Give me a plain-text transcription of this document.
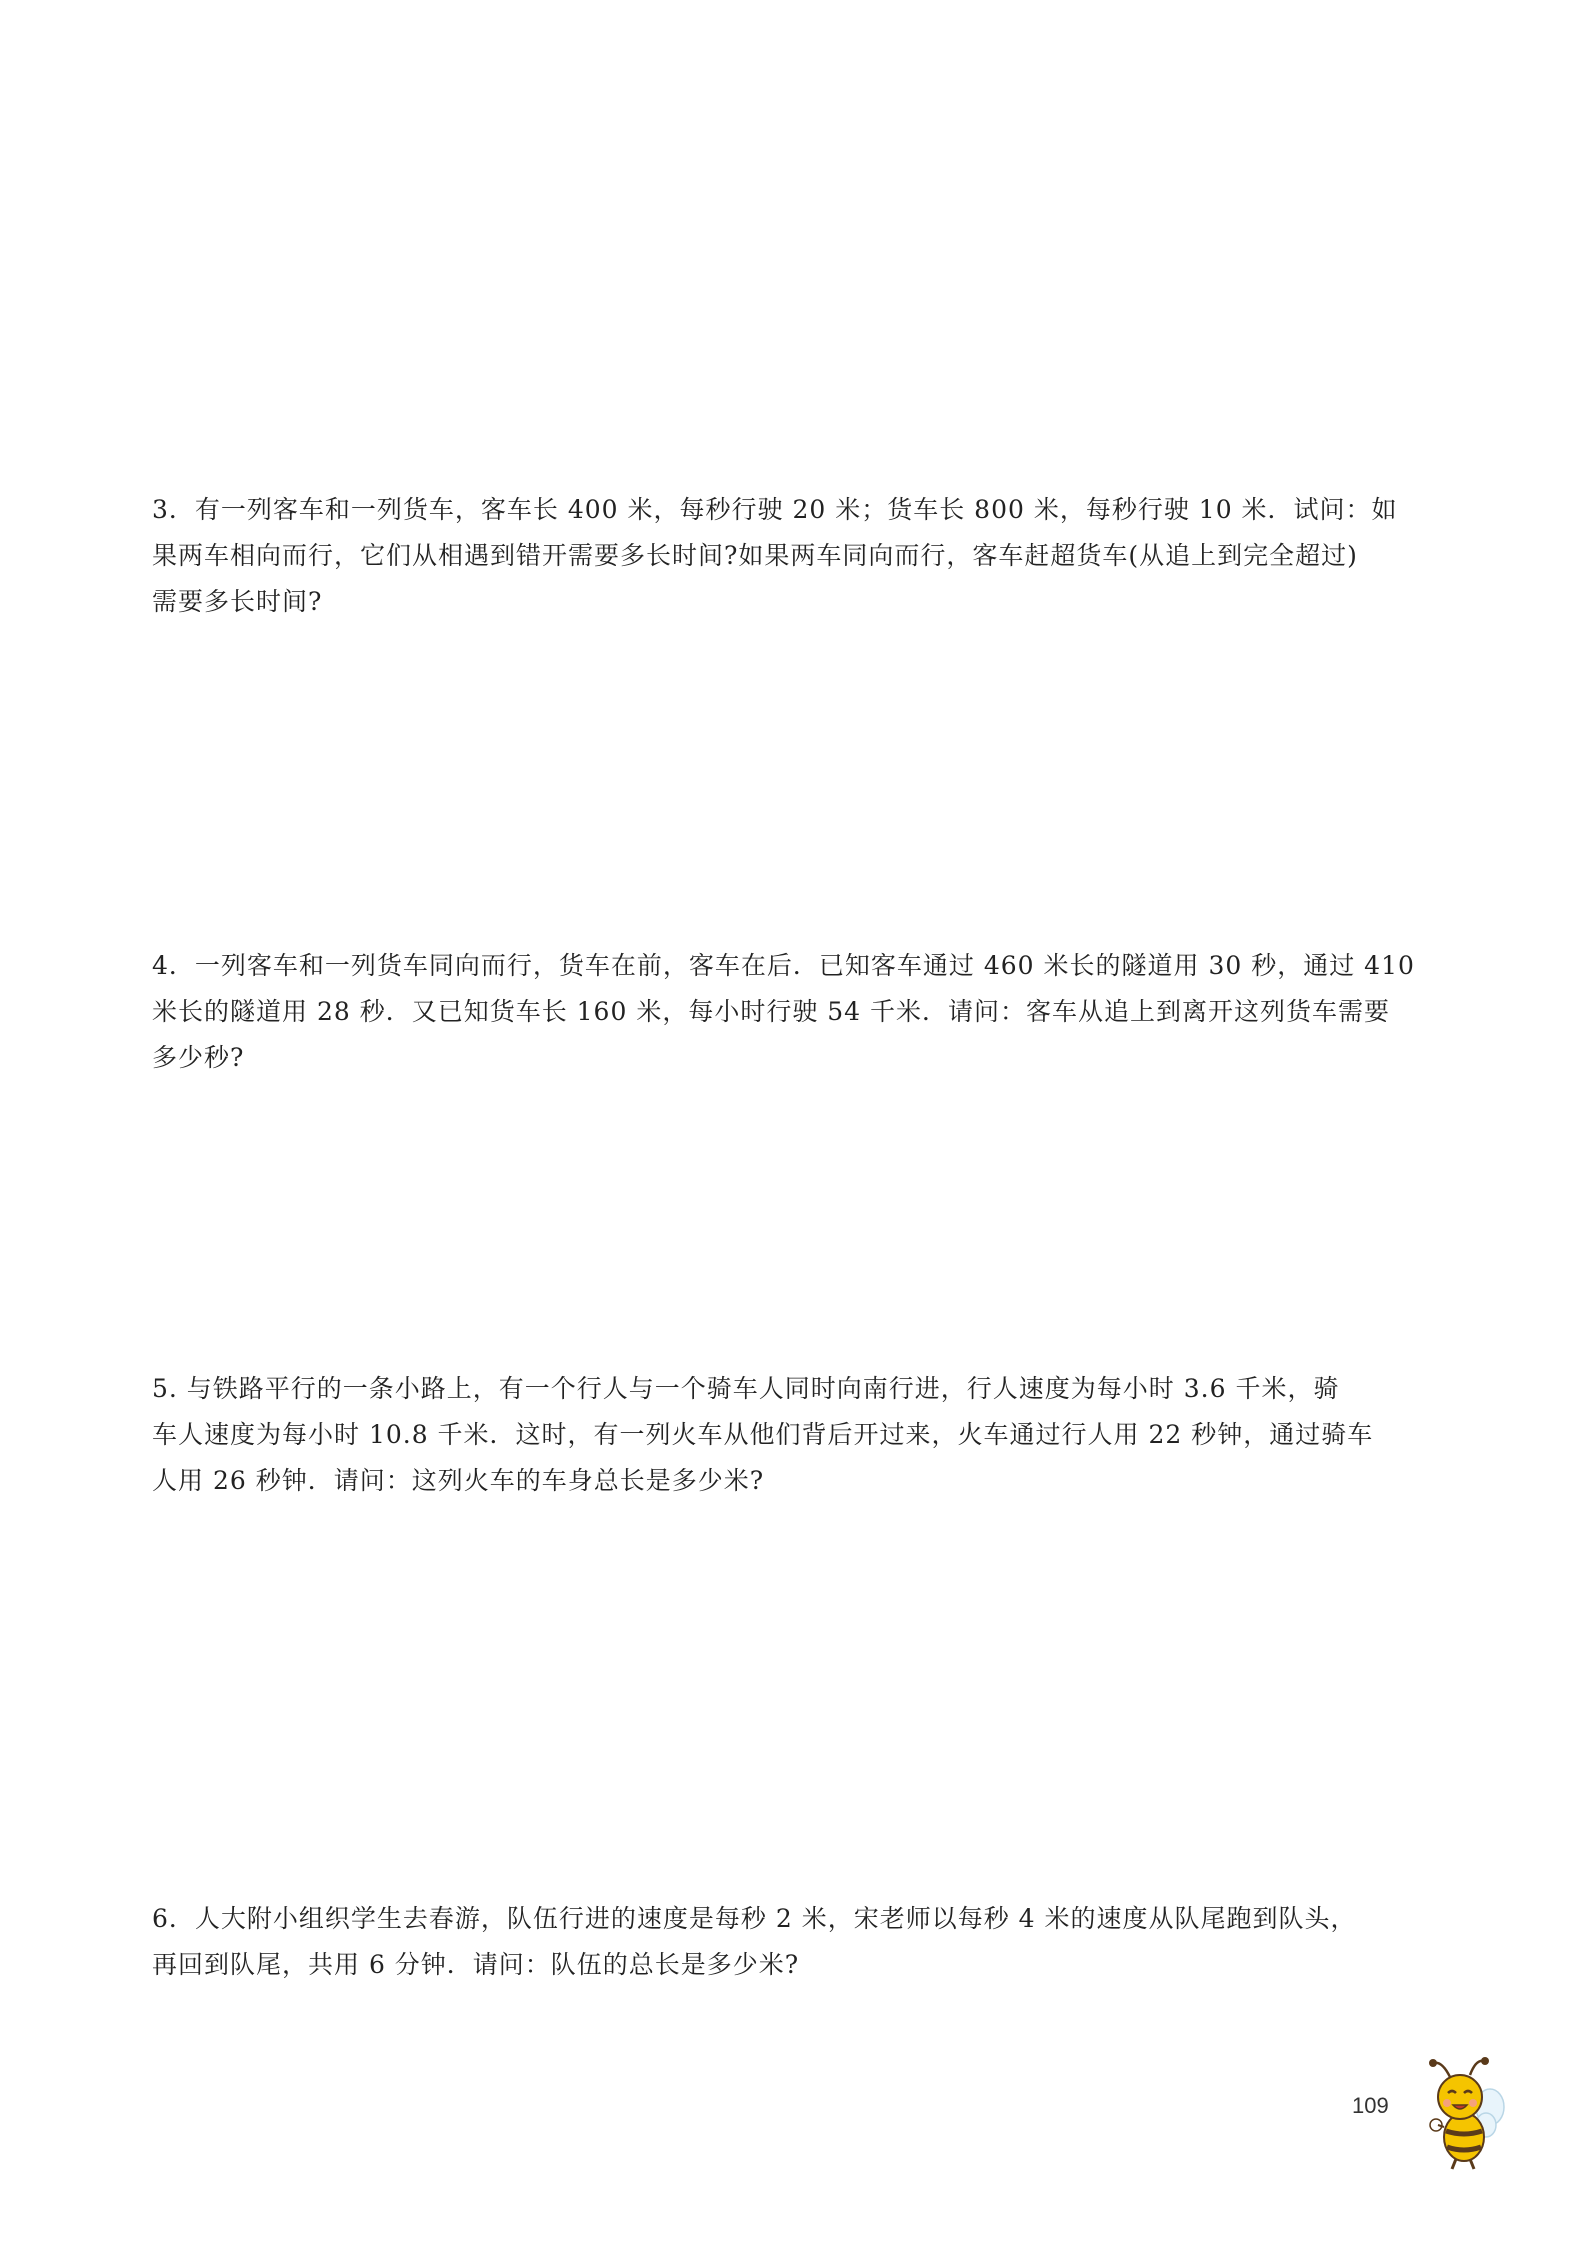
3．有一列客车和一列货车，客车长 400 米，每秒行驶 20 米；货车长 800 米，每秒行驶 10 米．试问：如

果两车相向而行，它们从相遇到错开需要多长时间?如果两车同向而行，客车赶超货车(从追上到完全超过)

需要多长时间?

4．一列客车和一列货车同向而行，货车在前，客车在后．已知客车通过 460 米长的隧道用 30 秒，通过 410

米长的隧道用 28 秒．又已知货车长 160 米，每小时行驶 54 千米．请问：客车从追上到离开这列货车需要

多少秒?

5. 与铁路平行的一条小路上，有一个行人与一个骑车人同时向南行进，行人速度为每小时 3.6 千米，骑

车人速度为每小时 10.8 千米．这时，有一列火车从他们背后开过来，火车通过行人用 22 秒钟，通过骑车

人用 26 秒钟．请问：这列火车的车身总长是多少米?

6．人大附小组织学生去春游，队伍行进的速度是每秒 2 米，宋老师以每秒 4 米的速度从队尾跑到队头，

再回到队尾，共用 6 分钟．请问：队伍的总长是多少米?

109
